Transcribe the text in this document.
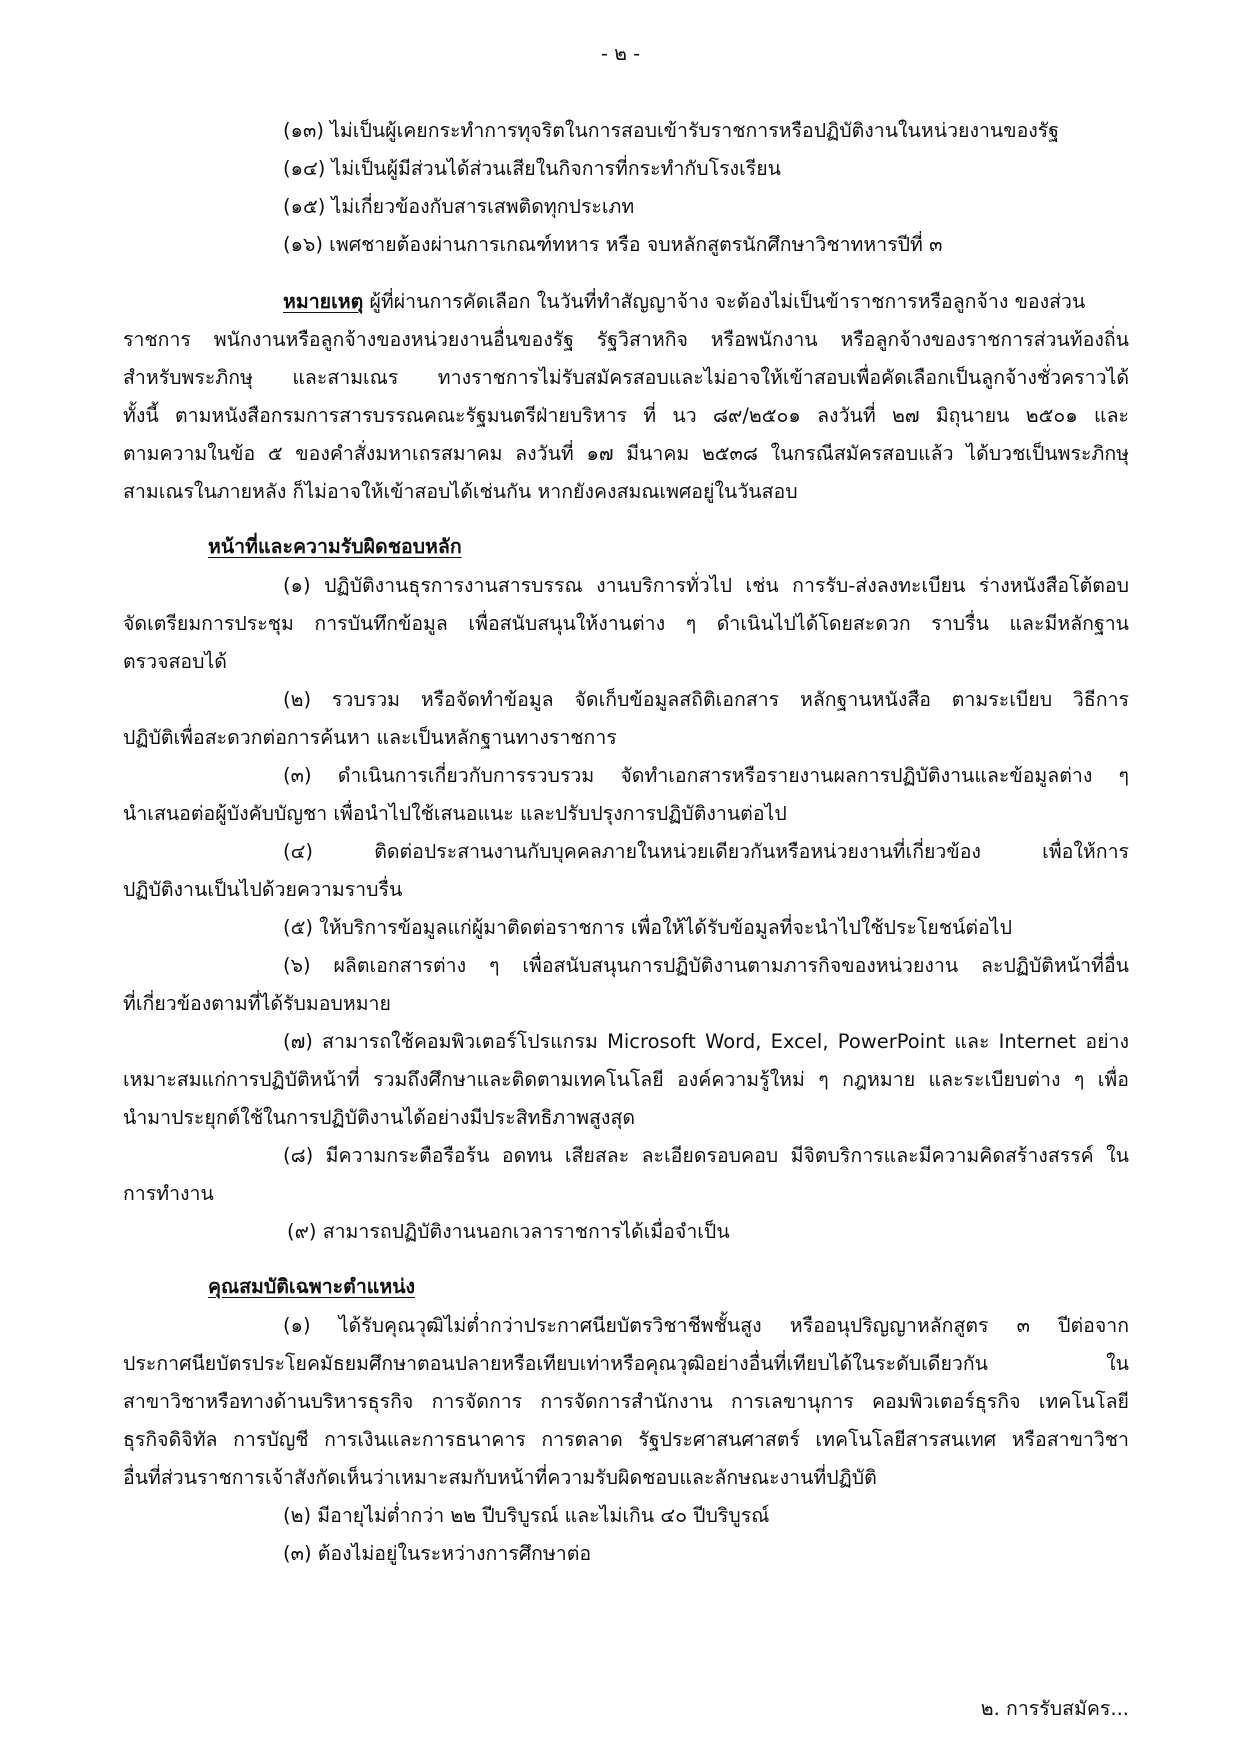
- ๒ -
(๑๓) ไม่เป็นผู้เคยกระทำการทุจริตในการสอบเข้ารับราชการหรือปฏิบัติงานในหน่วยงานของรัฐ
(๑๔) ไม่เป็นผู้มีส่วนได้ส่วนเสียในกิจการที่กระทำกับโรงเรียน
(๑๕) ไม่เกี่ยวข้องกับสารเสพติดทุกประเภท
(๑๖) เพศชายต้องผ่านการเกณฑ์ทหาร หรือ จบหลักสูตรนักศึกษาวิชาทหารปีที่ ๓
หมายเหตุ ผู้ที่ผ่านการคัดเลือก ในวันที่ทำสัญญาจ้าง จะต้องไม่เป็นข้าราชการหรือลูกจ้าง ของส่วน
ราชการ พนักงานหรือลูกจ้างของหน่วยงานอื่นของรัฐ รัฐวิสาหกิจ หรือพนักงาน หรือลูกจ้างของราชการส่วนท้องถิ่น
สำหรับพระภิกษุ และสามเณร ทางราชการไม่รับสมัครสอบและไม่อาจให้เข้าสอบเพื่อคัดเลือกเป็นลูกจ้างชั่วคราวได้
ทั้งนี้ ตามหนังสือกรมการสารบรรณคณะรัฐมนตรีฝ่ายบริหาร ที่ นว ๘๙/๒๕๐๑ ลงวันที่ ๒๗ มิถุนายน ๒๕๐๑ และ
ตามความในข้อ ๕ ของคำสั่งมหาเถรสมาคม ลงวันที่ ๑๗ มีนาคม ๒๕๓๘ ในกรณีสมัครสอบแล้ว ได้บวชเป็นพระภิกษุ
สามเณรในภายหลัง ก็ไม่อาจให้เข้าสอบได้เช่นกัน หากยังคงสมณเพศอยู่ในวันสอบ
หน้าที่และความรับผิดชอบหลัก
(๑) ปฏิบัติงานธุรการงานสารบรรณ งานบริการทั่วไป เช่น การรับ-ส่งลงทะเบียน ร่างหนังสือโต้ตอบ
จัดเตรียมการประชุม การบันทึกข้อมูล เพื่อสนับสนุนให้งานต่าง ๆ ดำเนินไปได้โดยสะดวก ราบรื่น และมีหลักฐาน
ตรวจสอบได้
(๒) รวบรวม หรือจัดทำข้อมูล จัดเก็บข้อมูลสถิติเอกสาร หลักฐานหนังสือ ตามระเบียบ วิธีการ
ปฏิบัติเพื่อสะดวกต่อการค้นหา และเป็นหลักฐานทางราชการ
(๓) ดำเนินการเกี่ยวกับการรวบรวม จัดทำเอกสารหรือรายงานผลการปฏิบัติงานและข้อมูลต่าง ๆ
นำเสนอต่อผู้บังคับบัญชา เพื่อนำไปใช้เสนอแนะ และปรับปรุงการปฏิบัติงานต่อไป
(๔) ติดต่อประสานงานกับบุคคลภายในหน่วยเดียวกันหรือหน่วยงานที่เกี่ยวข้อง เพื่อให้การ
ปฏิบัติงานเป็นไปด้วยความราบรื่น
(๕) ให้บริการข้อมูลแก่ผู้มาติดต่อราชการ เพื่อให้ได้รับข้อมูลที่จะนำไปใช้ประโยชน์ต่อไป
(๖) ผลิตเอกสารต่าง ๆ เพื่อสนับสนุนการปฏิบัติงานตามภารกิจของหน่วยงาน ละปฏิบัติหน้าที่อื่น
ที่เกี่ยวข้องตามที่ได้รับมอบหมาย
(๗) สามารถใช้คอมพิวเตอร์โปรแกรม Microsoft Word, Excel, PowerPoint และ Internet อย่าง
เหมาะสมแก่การปฏิบัติหน้าที่ รวมถึงศึกษาและติดตามเทคโนโลยี องค์ความรู้ใหม่ ๆ กฎหมาย และระเบียบต่าง ๆ เพื่อ
นำมาประยุกต์ใช้ในการปฏิบัติงานได้อย่างมีประสิทธิภาพสูงสุด
(๘) มีความกระตือรือร้น อดทน เสียสละ ละเอียดรอบคอบ มีจิตบริการและมีความคิดสร้างสรรค์ ใน
การทำงาน
(๙) สามารถปฏิบัติงานนอกเวลาราชการได้เมื่อจำเป็น
คุณสมบัติเฉพาะตำแหน่ง
(๑) ได้รับคุณวุฒิไม่ต่ำกว่าประกาศนียบัตรวิชาชีพชั้นสูง หรืออนุปริญญาหลักสูตร ๓ ปีต่อจาก
ประกาศนียบัตรประโยคมัธยมศึกษาตอนปลายหรือเทียบเท่าหรือคุณวุฒิอย่างอื่นที่เทียบได้ในระดับเดียวกัน ใน
สาขาวิชาหรือทางด้านบริหารธุรกิจ การจัดการ การจัดการสำนักงาน การเลขานุการ คอมพิวเตอร์ธุรกิจ เทคโนโลยี
ธุรกิจดิจิทัล การบัญชี การเงินและการธนาคาร การตลาด รัฐประศาสนศาสตร์ เทคโนโลยีสารสนเทศ หรือสาขาวิชา
อื่นที่ส่วนราชการเจ้าสังกัดเห็นว่าเหมาะสมกับหน้าที่ความรับผิดชอบและลักษณะงานที่ปฏิบัติ
(๒) มีอายุไม่ต่ำกว่า ๒๒ ปีบริบูรณ์ และไม่เกิน ๔๐ ปีบริบูรณ์
(๓) ต้องไม่อยู่ในระหว่างการศึกษาต่อ
๒. การรับสมัคร...
